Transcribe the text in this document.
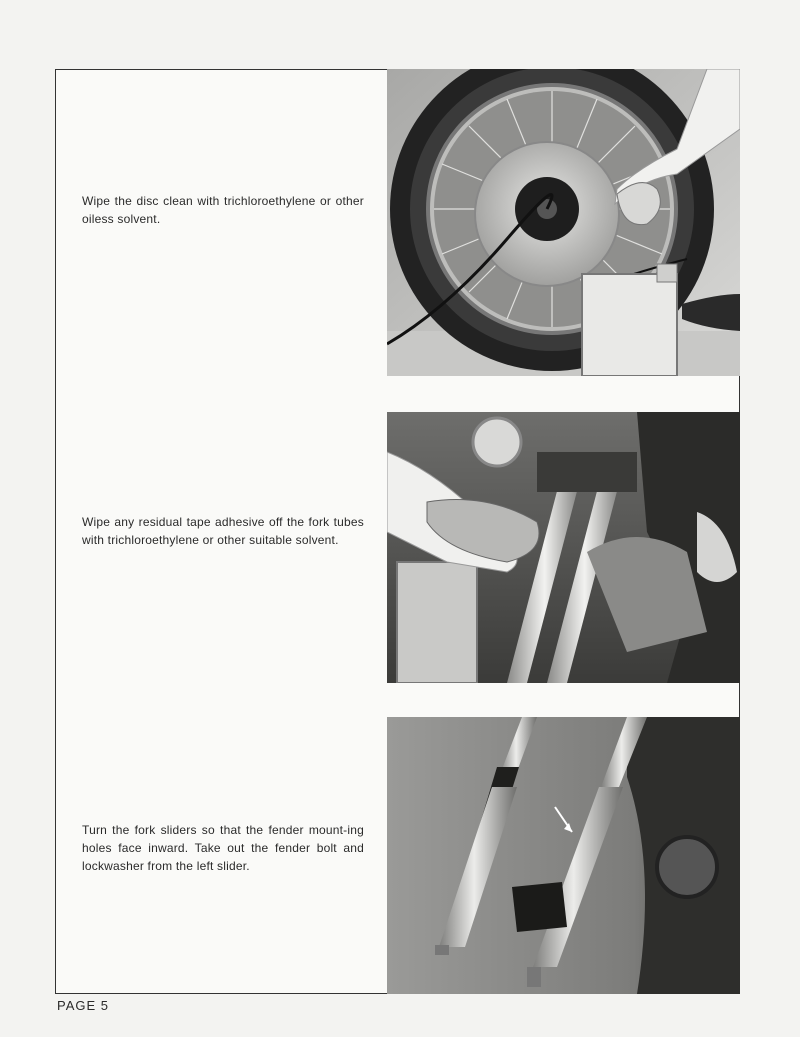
Wipe the disc clean with trichloroethylene or other oiless solvent.

Wipe any residual tape adhesive off the fork tubes with trichloroethylene or other suitable solvent.

Turn the fork sliders so that the fender mount-ing holes face inward. Take out the fender bolt and lockwasher from the left slider.

PAGE 5
